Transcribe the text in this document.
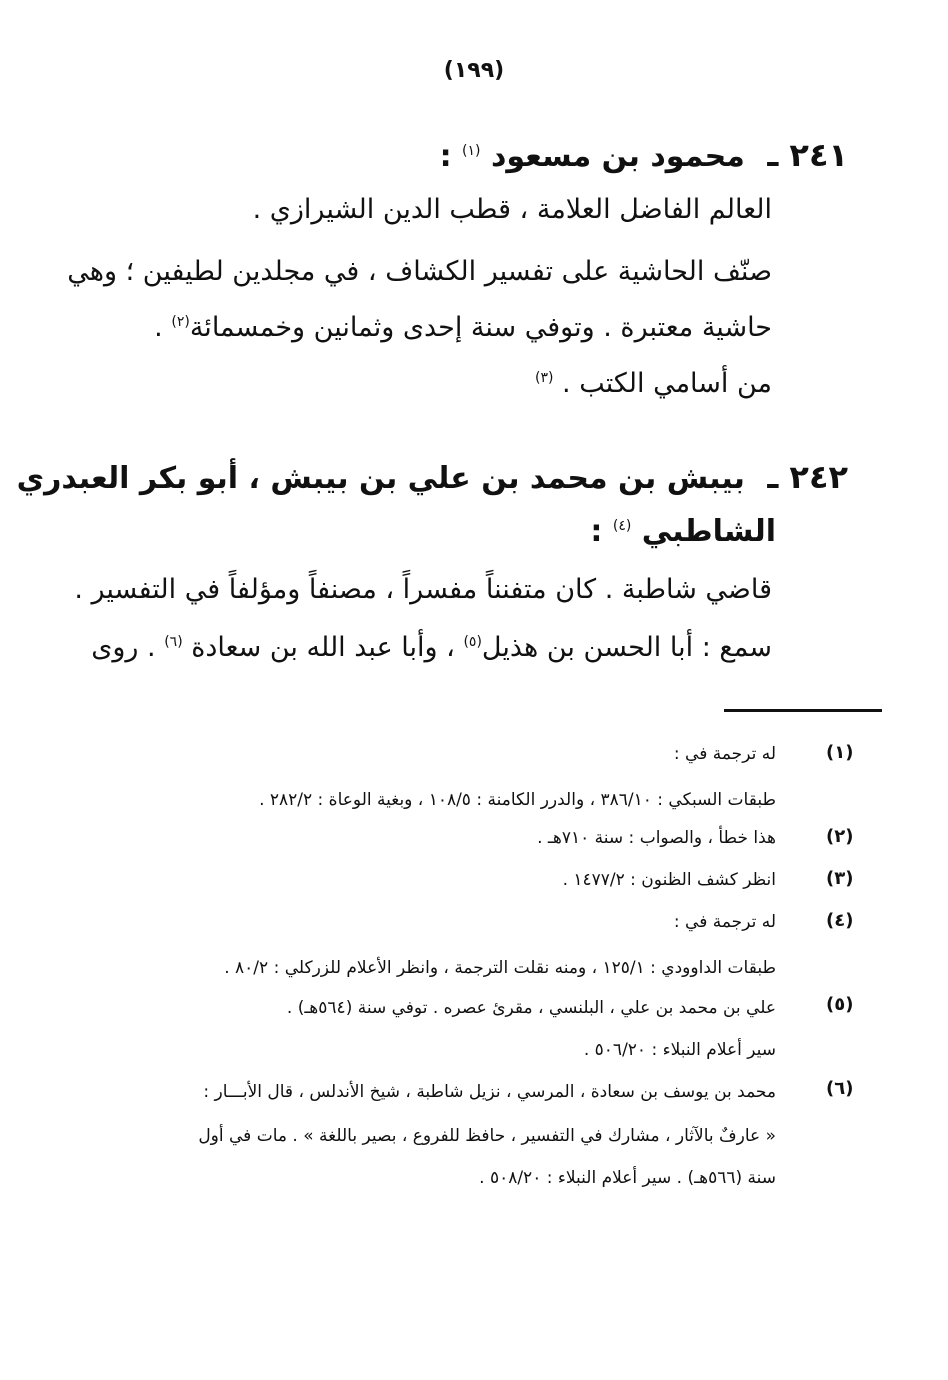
(١٩٩)
٢٤١ ـ محمود بن مسعود $^{(١)}$ :
العالم الفاضل العلامة ، قطب الدين الشيرازي .
صنّف الحاشية على تفسير الكشاف ، في مجلدين لطيفين ؛ وهي
حاشية معتبرة . وتوفي سنة إحدى وثمانين وخمسمائة$^{(٢)}$ .
من أسامي الكتب . $^{(٣)}$
٢٤٢ ـ بيبش بن محمد بن علي بن بيبش ، أبو بكر العبدري
الشاطبي $^{(٤)}$ :
قاضي شاطبة . كان متفنناً مفسراً ، مصنفاً ومؤلفاً في التفسير .
سمع : أبا الحسن بن هذيل$^{(٥)}$ ، وأبا عبد الله بن سعادة $^{(٦)}$ . روى
(١)
له ترجمة في :
طبقات السبكي : ٣٨٦/١٠ ، والدرر الكامنة : ١٠٨/٥ ، وبغية الوعاة : ٢٨٢/٢ .
(٢)
هذا خطأ ، والصواب : سنة ٧١٠هـ .
(٣)
انظر كشف الظنون : ١٤٧٧/٢ .
(٤)
له ترجمة في :
طبقات الداوودي : ١٢٥/١ ، ومنه نقلت الترجمة ، وانظر الأعلام للزركلي : ٨٠/٢ .
(٥)
علي بن محمد بن علي ، البلنسي ، مقرئ عصره . توفي سنة (٥٦٤هـ) .
سير أعلام النبلاء : ٥٠٦/٢٠ .
(٦)
محمد بن يوسف بن سعادة ، المرسي ، نزيل شاطبة ، شيخ الأندلس ، قال الأبـــار :
« عارفٌ بالآثار ، مشارك في التفسير ، حافظ للفروع ، بصير باللغة » . مات في أول
سنة (٥٦٦هـ) . سير أعلام النبلاء : ٥٠٨/٢٠ .
